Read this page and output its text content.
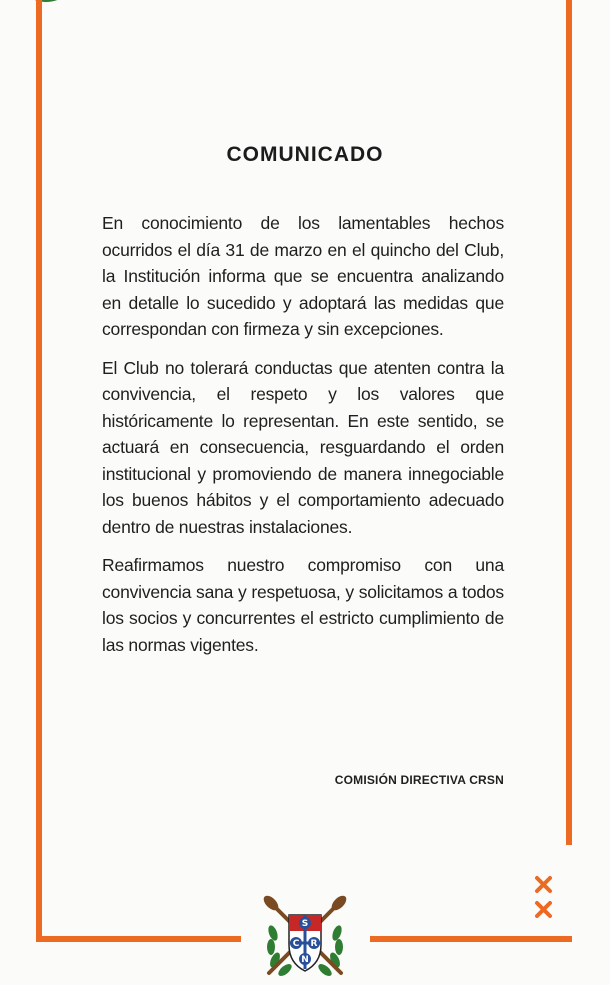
COMUNICADO

En conocimiento de los lamentables hechos ocurridos el día 31 de marzo en el quincho del Club, la Institución informa que se encuentra analizando en detalle lo sucedido y adoptará las medidas que correspondan con firmeza y sin excepciones.

El Club no tolerará conductas que atenten contra la convivencia, el respeto y los valores que históricamente lo representan. En este sentido, se actuará en consecuencia, resguardando el orden institucional y promoviendo de manera innegociable los buenos hábitos y el comportamiento adecuado dentro de nuestras instalaciones.

Reafirmamos nuestro compromiso con una convivencia sana y respetuosa, y solicitamos a todos los socios y concurrentes el estricto cumplimiento de las normas vigentes.

COMISIÓN DIRECTIVA CRSN
S
C R
N
